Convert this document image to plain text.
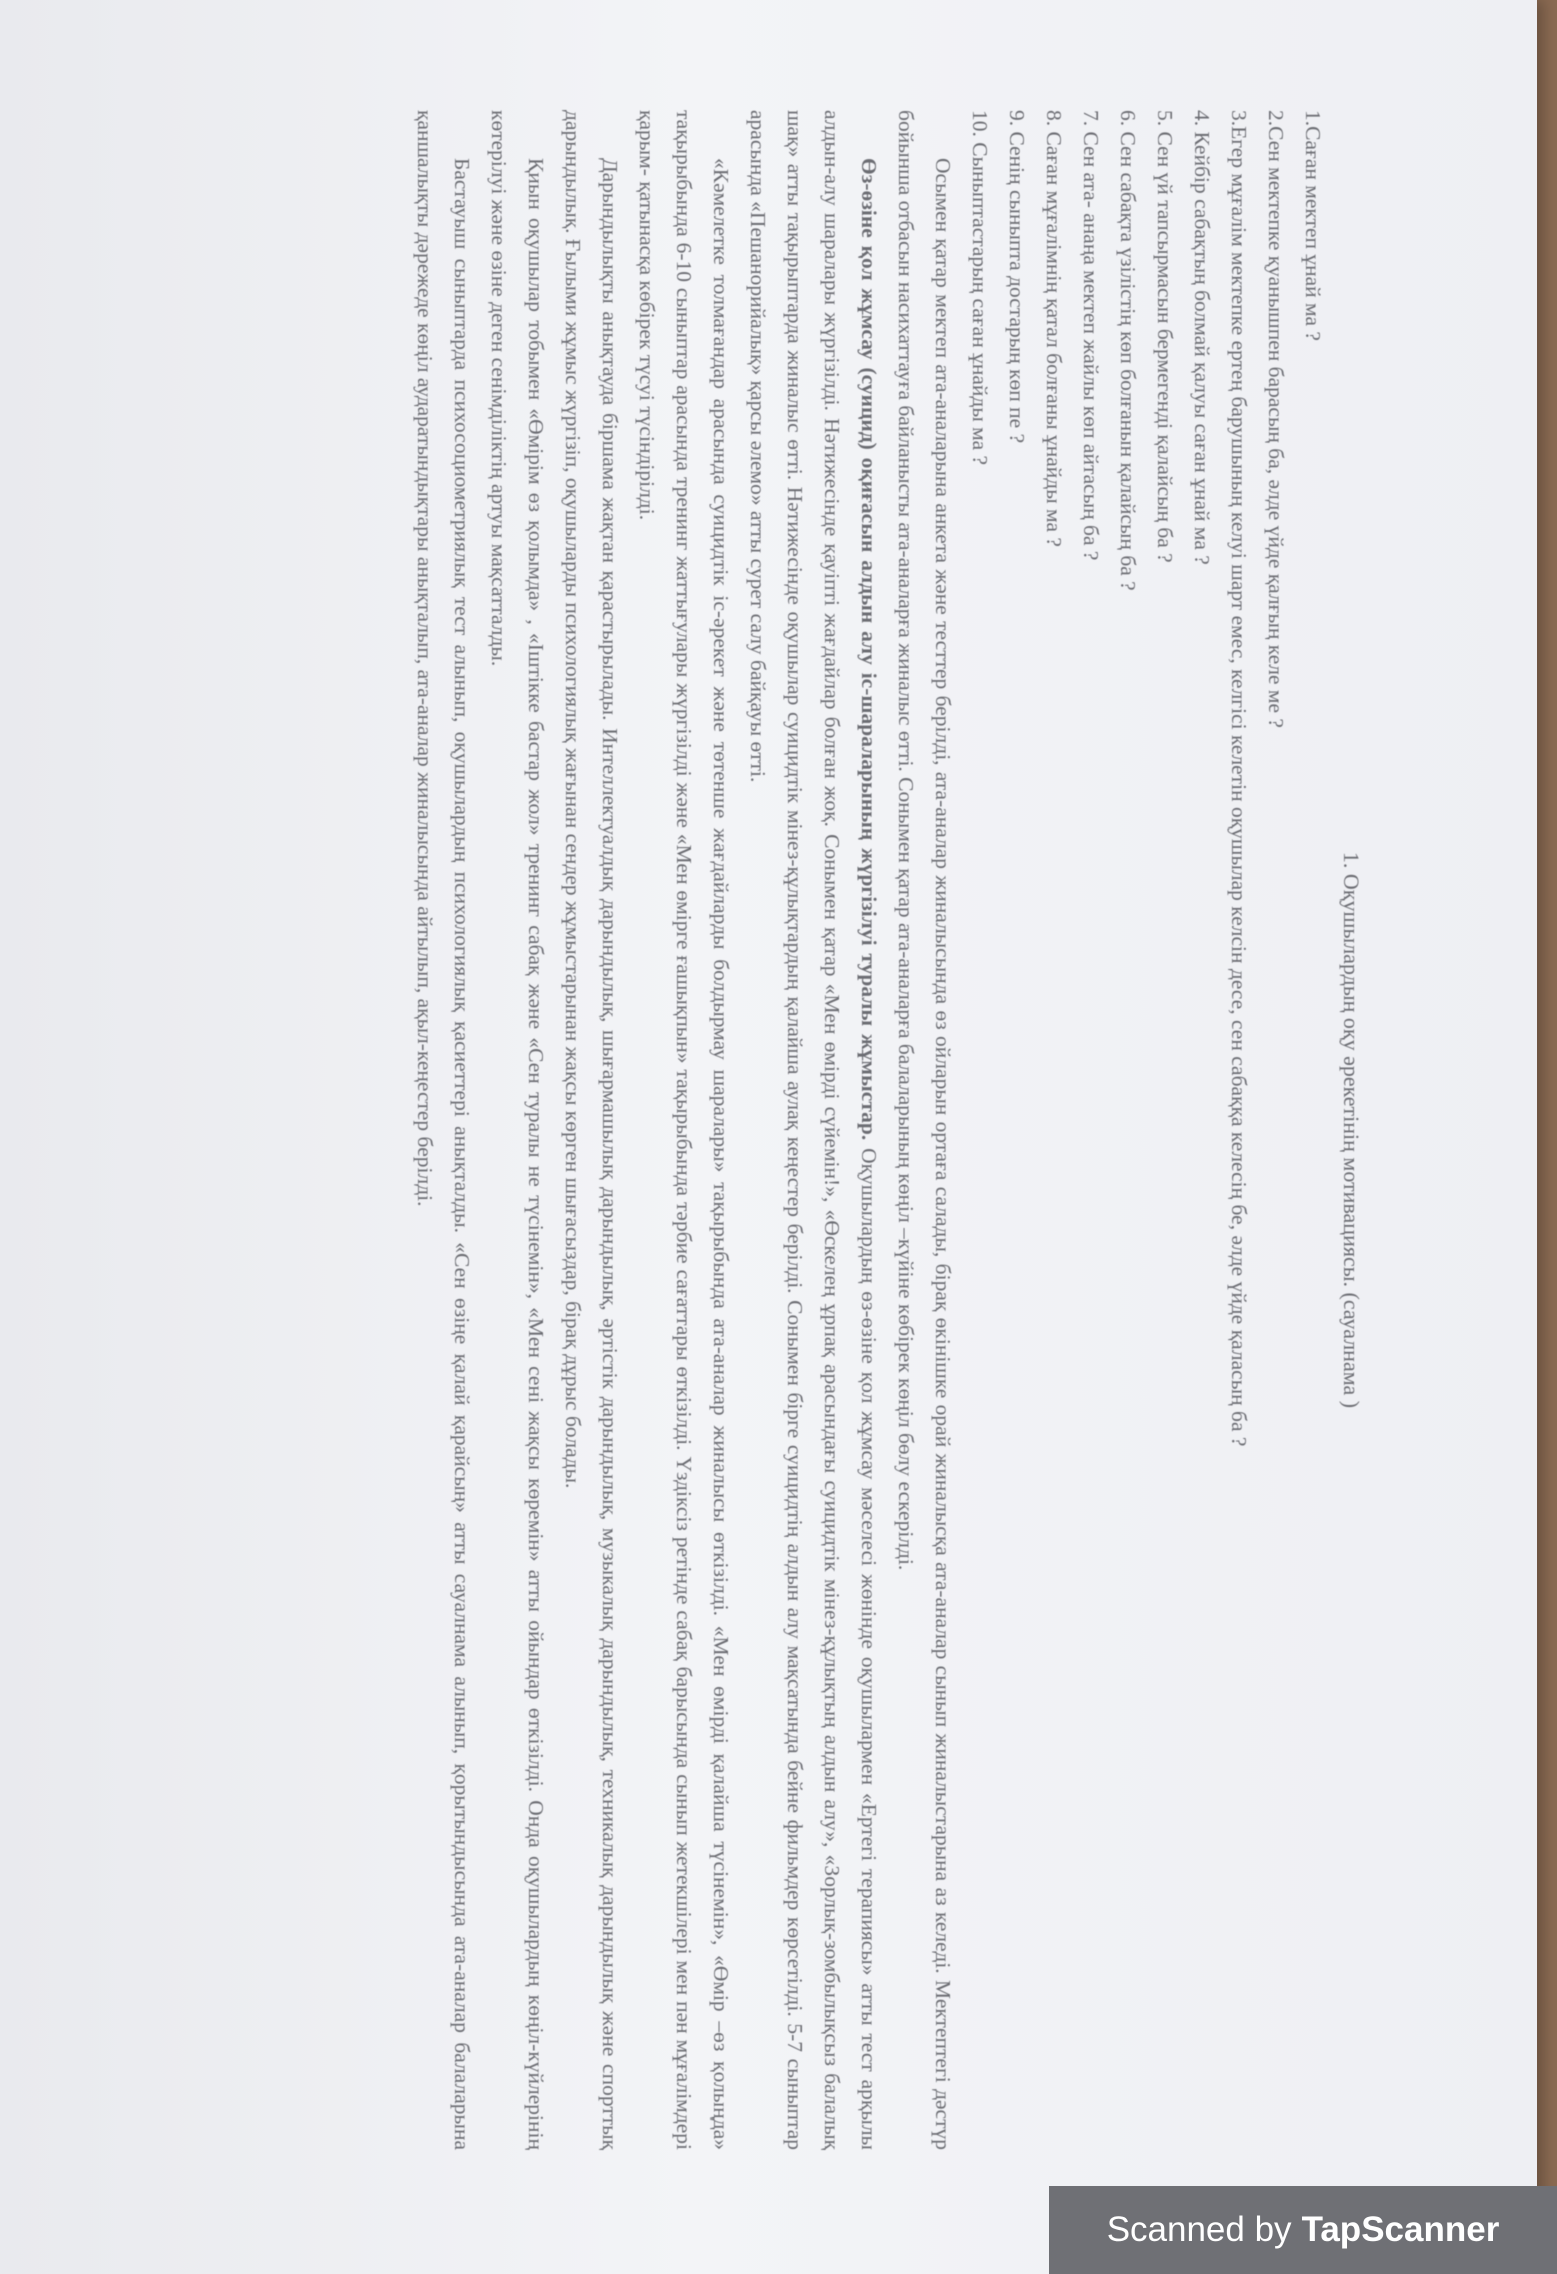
1. Оқушылардың оқу әрекетінің мотивациясы. (сауалнама )
1.Саған мектеп ұнай ма ?
2.Сен мектепке қуанышпен барасың ба, әлде үйде қалғың келе ме ?
3.Егер мұғалім мектепке ертең барушының келуі шарт емес, келгісі келетін оқушылар келсін десе, сен сабаққа келесің бе, әлде үйде қаласың ба ?
4. Кейбір сабақтың болмай қалуы саған ұнай ма ?
5. Сен үй тапсырмасын бермегенді қалайсың ба ?
6. Сен сабақта үзілістің көп болғанын қалайсың ба ?
7. Сен ата- анаңа мектеп жайлы көп айтасың ба ?
8. Саған мұғалімнің қатал болғаны ұнайды ма ?
9. Сенің сыныпта достарың көп пе ?
10. Сыныптастарың саған ұнайды ма ?
Осымен қатар мектеп ата-аналарына анкета және тесттер берілді, ата-аналар жиналысында өз ойларын ортаға салады, бірақ өкінішке орай жиналысқа ата-аналар сынып жиналыстарына аз келеді. Мектептегі дәстүр бойынша отбасын насихаттауға байланысты ата-аналарға жиналыс өтті. Сонымен қатар ата-аналарға балаларының көңіл –күйіне көбірек көңіл бөлу ескерілді.
Өз-өзіне қол жұмсау (суицид) оқиғасын алдын алу іс-шараларының жүргізілуі туралы жұмыстар. Оқушылардың өз-өзіне қол жұмсау мәселесі жөнінде оқушылармен «Ертегі терапиясы» атты тест арқылы алдын-алу шаралары жүргізілді. Нәтижесінде қауіпті жағдайлар болған жоқ. Сонымен қатар «Мен өмірді сүйемін!», «Өскелең ұрпақ арасындағы суицидтік мінез-құлықтың алдын алу», «Зорлық-зомбылықсыз балалық шақ» атты тақырыптарда жиналыс өтті. Нәтижесінде оқушылар суицидтік мінез-құлықтардың қалайша аулақ кеңестер берілді. Сонымен бірге суицидтің алдын алу мақсатында бейне фильмдер көрсетілді. 5-7 сыныптар арасында «Пешанорийалық» қарсы әлемо» атты сурет салу байқауы өтті.
«Кәмелетке толмағандар арасында суицидтік іс-әрекет және төтенше жағдайларды болдырмау шаралары» тақырыбында ата-аналар жиналысы өткізілді. «Мен өмірді қалайша түсінемін», «Өмір –өз қолыңда» тақырыбында 6-10 сыныптар арасында тренинг жаттығулары жүргізілді және «Мен өмірге ғашықпын» тақырыбында тәрбие сағаттары өткізілді. Үздіксіз ретінде сабақ барысында сынып жетекшілері мен пән мұғалімдері қарым- қатынасқа көбірек түсуі түсіндірілді.
Дарындылықты анықтауда біршама жақтан қарастырылады. Интеллектуалдық дарындылық, шығармашылық дарындылық, әртістік дарындылық, музыкалық дарындылық, техникалық дарындылық және спорттық дарындылық. Ғылыми жұмыс жүргізіп, оқушыларды психологиялық жағынан сендер жұмыстарынан жақсы көрген шығасыздар, бірақ дұрыс болады.
Қиын оқушылар тобымен «Өмірім өз қолымда» , «Іштікке бастар жол» тренинг сабақ және «Сен туралы не түсінемін», «Мен сені жақсы көремін» атты ойындар өткізілді. Онда оқушылардың көңіл-күйлерінің көтерілуі және өзіне деген сенімділіктің артуы мақсатталды.
Бастауыш сыныптарда психосоциометриялық тест алынып, оқушылардың психологиялық қасиеттері анықталды. «Сен өзіңе қалай қарайсың» атты сауалнама алынып, қорытындысында ата-аналар балаларына қаншалықты дәрежеде көңіл аударатындықтары анықталып, ата-аналар жиналысында айтылып, ақыл-кеңестер берілді.
Scanned by TapScanner
